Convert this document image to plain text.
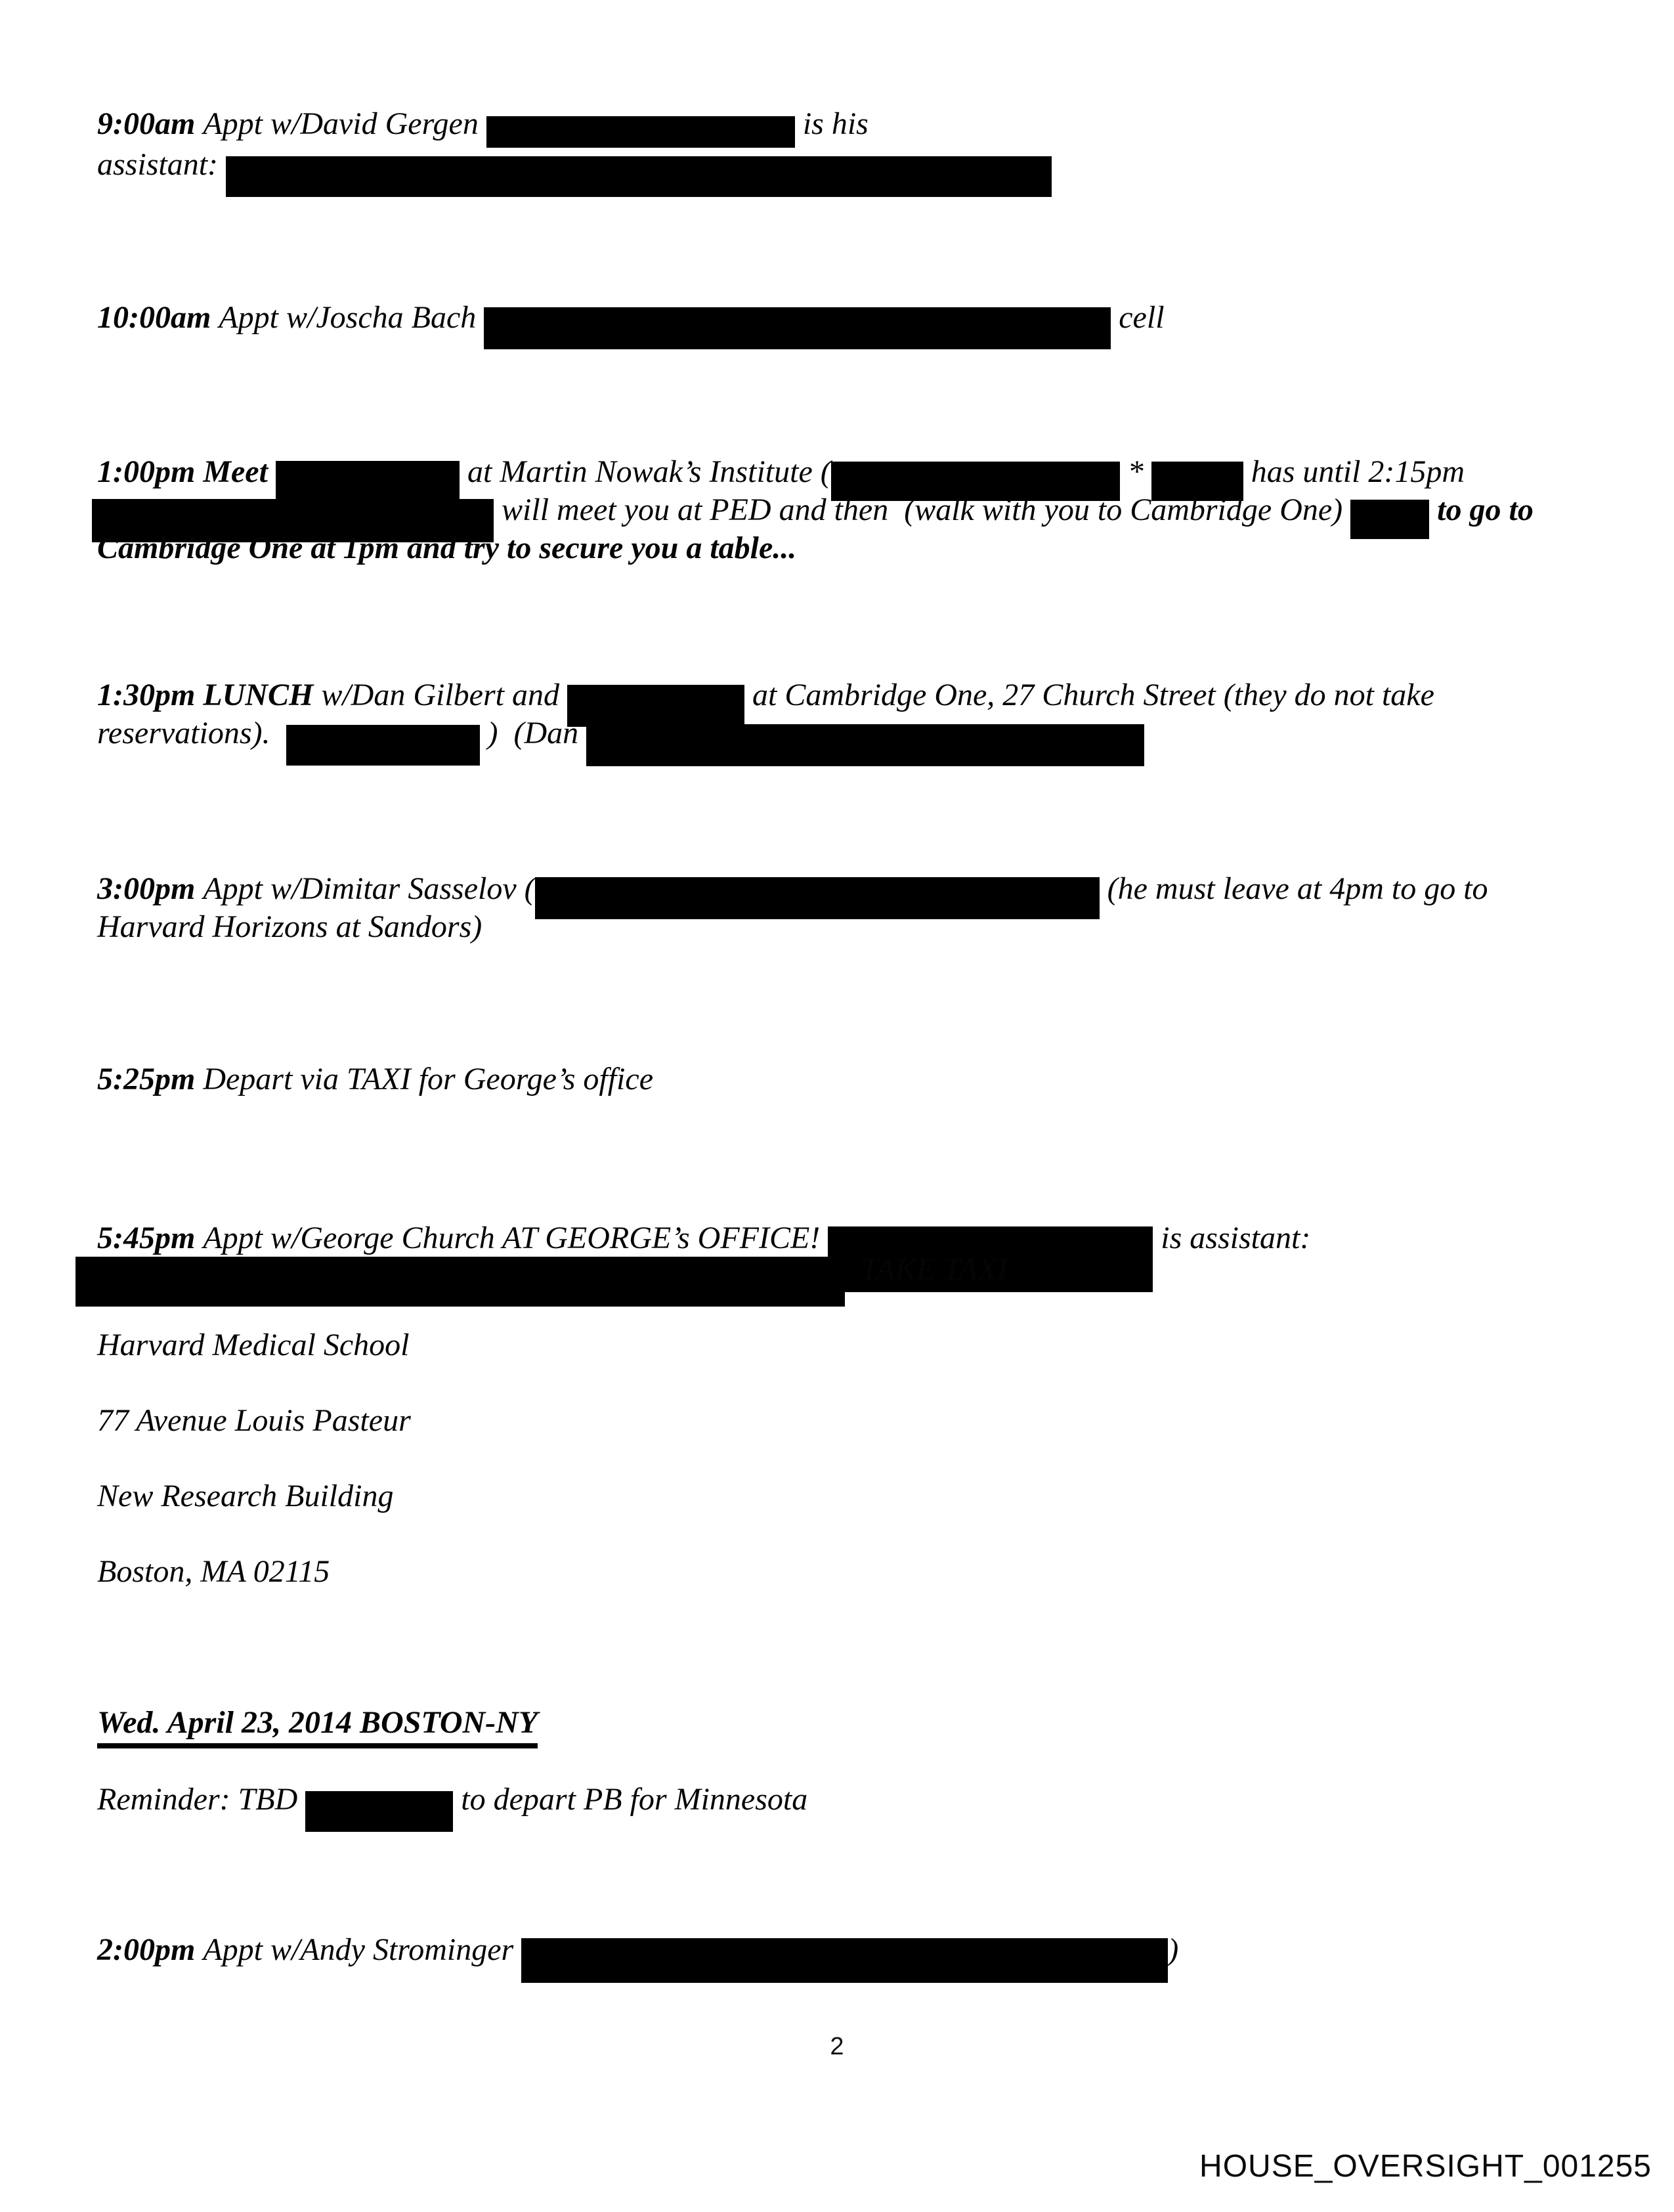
9:00am Appt w/David Gergen	is his
assistant:
10:00am Appt w/Joscha Bach	cell
1:00pm Meet	at Martin Nowak’s Institute (	*	has until 2:15pm
will meet you at PED and then  (walk with you to Cambridge One)	to go to
Cambridge One at 1pm and try to secure you a table...
1:30pm LUNCH w/Dan Gilbert and	at Cambridge One, 27 Church Street (they do not take
reservations).	)  (Dan
3:00pm Appt w/Dimitar Sasselov (	(he must leave at 4pm to go to
Harvard Horizons at Sandors)
5:25pm Depart via TAXI for George’s office
5:45pm Appt w/George Church AT GEORGE’s OFFICE!	is assistant:
TAKE TAXI
Harvard Medical School
77 Avenue Louis Pasteur
New Research Building
Boston, MA 02115
Wed. April 23, 2014 BOSTON-NY
Reminder: TBD	to depart PB for Minnesota
2:00pm Appt w/Andy Strominger	)
2
HOUSE_OVERSIGHT_001255
